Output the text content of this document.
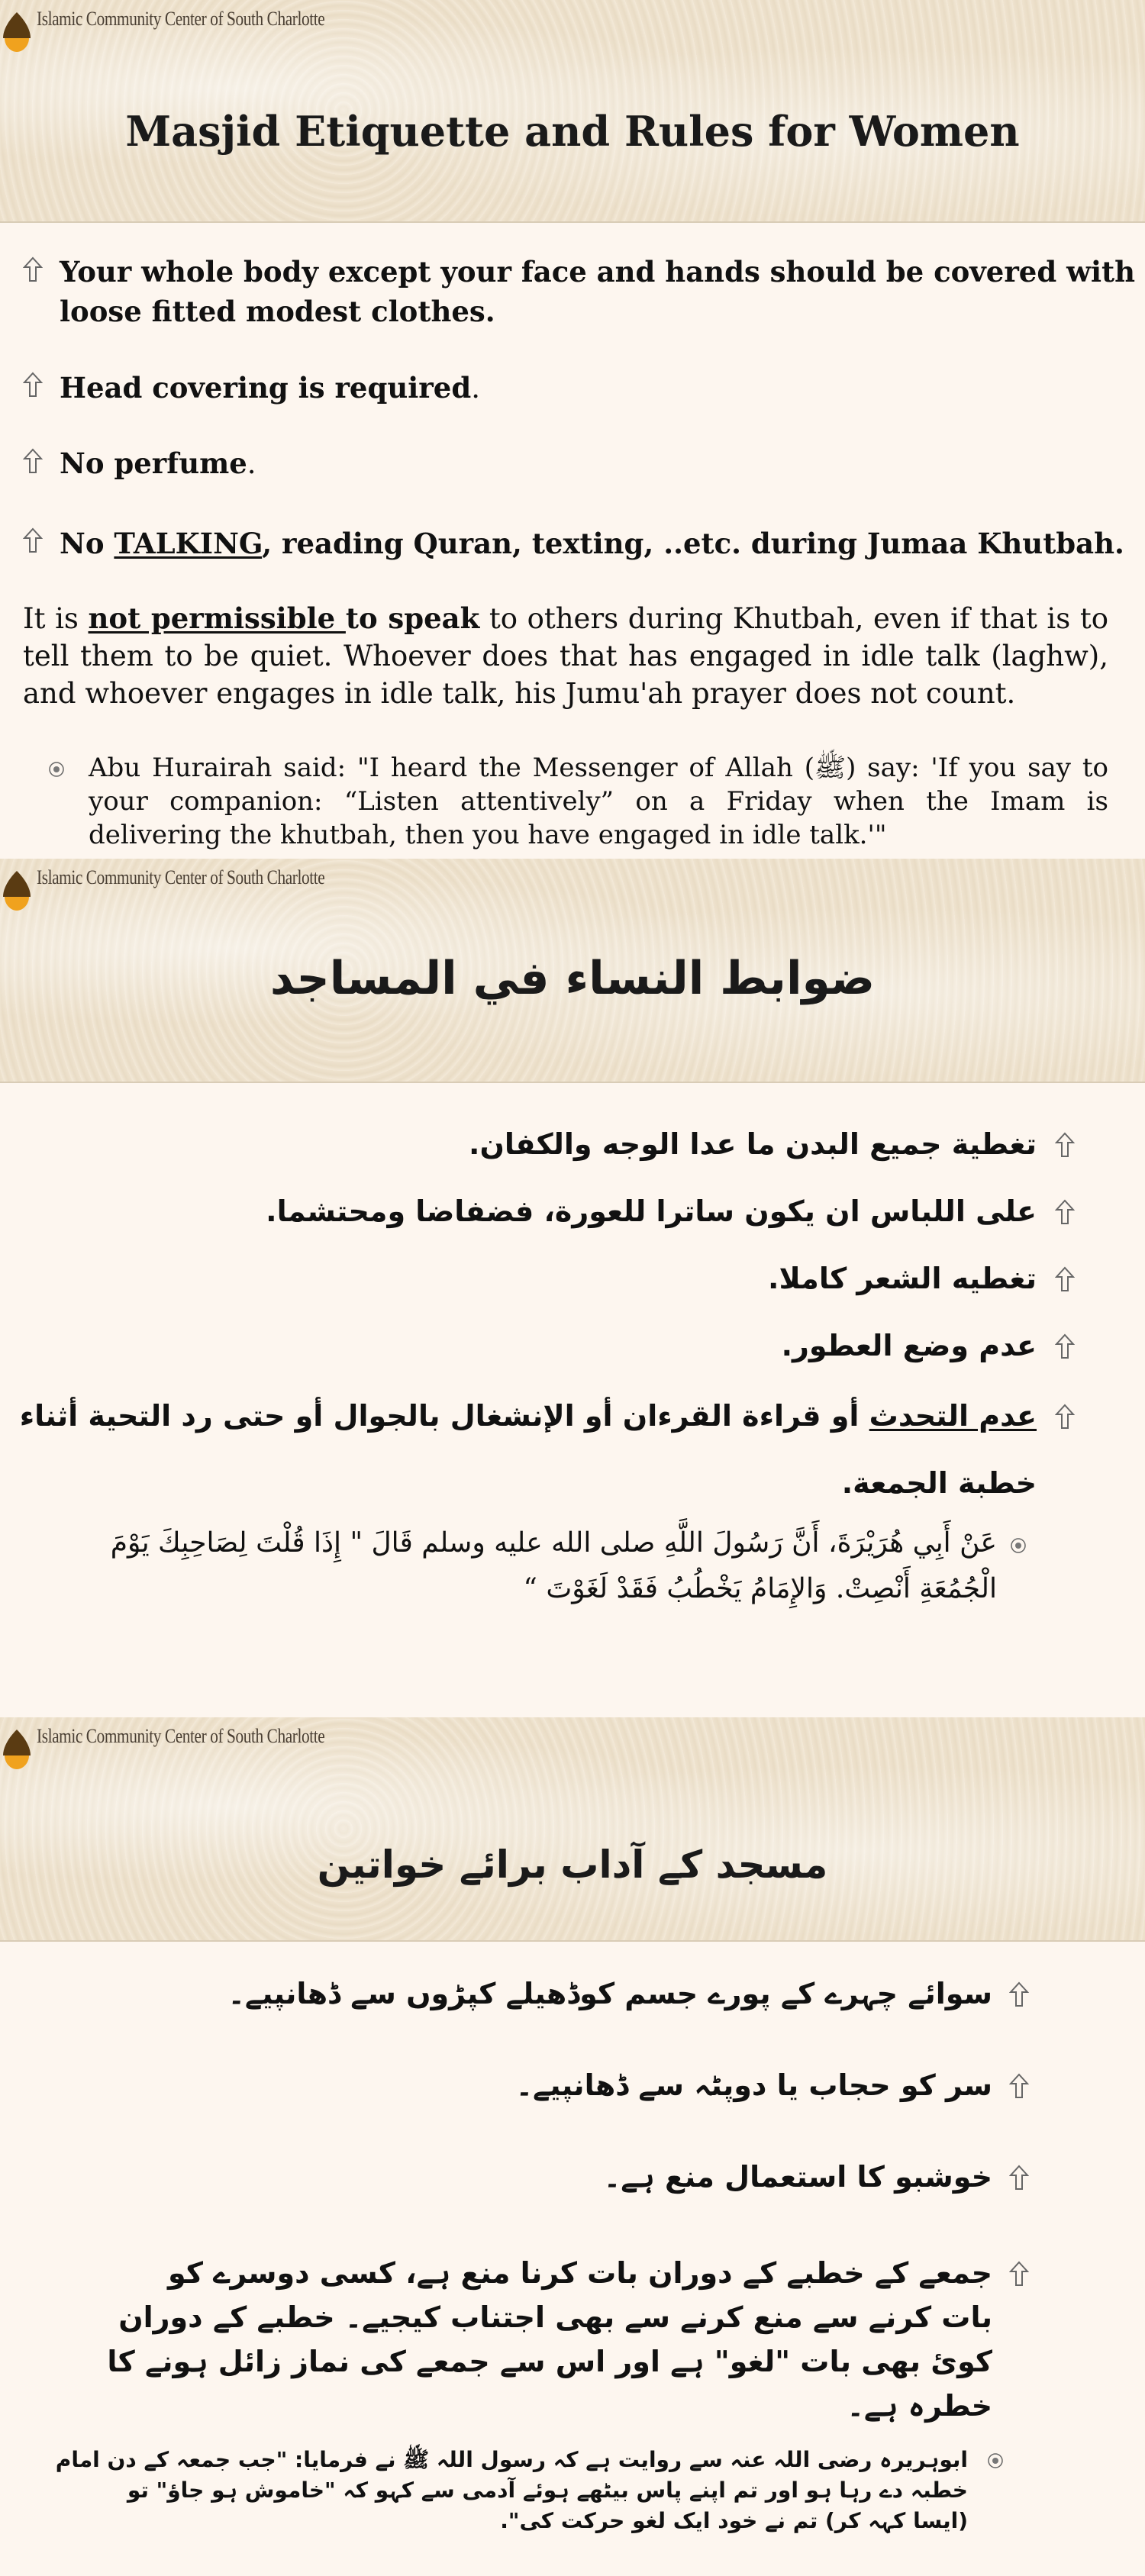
Islamic Community Center of South Charlotte
Masjid Etiquette and Rules for Women
Your whole body except your face and hands should be covered with
loose fitted modest clothes.
Head covering is required.
No perfume.
No TALKING, reading Quran, texting, ..etc. during Jumaa Khutbah.
It is not permissible to speak to others during Khutbah, even if that is to tell them to be quiet. Whoever does that has engaged in idle talk (laghw), and whoever engages in idle talk, his Jumu'ah prayer does not count.
Abu Hurairah said: "I heard the Messenger of Allah (ﷺ) say: 'If you say to your companion: “Listen attentively” on a Friday when the Imam is delivering the khutbah, then you have engaged in idle talk.'"
Islamic Community Center of South Charlotte
ضوابط النساء في المساجد
تغطية جميع البدن ما عدا الوجه والكفان.
على اللباس ان يكون ساترا للعورة، فضفاضا ومحتشما.
تغطيه الشعر كاملا.
عدم وضع العطور.
عدم التحدث أو قراءة القرءان أو الإنشغال بالجوال أو حتى رد التحية أثناء
خطبة الجمعة.
عَنْ أَبِي هُرَيْرَةَ، أَنَّ رَسُولَ اللَّهِ صلى الله عليه وسلم قَالَ " إِذَا قُلْتَ لِصَاحِبِكَ يَوْمَ
الْجُمُعَةِ أَنْصِتْ. وَالإِمَامُ يَخْطُبُ فَقَدْ لَغَوْتَ “
Islamic Community Center of South Charlotte
مسجد کے آداب برائے خواتین
سوائے چہرے کے پورے جسم کوڈھیلے کپڑوں سے ڈھانپیے۔
سر کو حجاب یا دوپٹہ سے ڈھانپیے۔
خوشبو کا استعمال منع ہے۔
جمعے کے خطبے کے دوران بات کرنا منع ہے، کسی دوسرے کو
بات کرنے سے منع کرنے سے بھی اجتناب کیجیے۔ خطبے کے دوران
کوئ بھی بات "لغو" ہے اور اس سے جمعے کی نماز زائل ہونے کا
خطرہ ہے۔
ابوہریرہ رضی اللہ عنہ سے روایت ہے کہ رسول اللہ ﷺ نے فرمایا: "جب جمعہ کے دن امام
خطبہ دے رہا ہو اور تم اپنے پاس بیٹھے ہوئے آدمی سے کہو کہ "خاموش ہو جاؤ" تو
(ایسا کہہ کر) تم نے خود ایک لغو حرکت کی".
